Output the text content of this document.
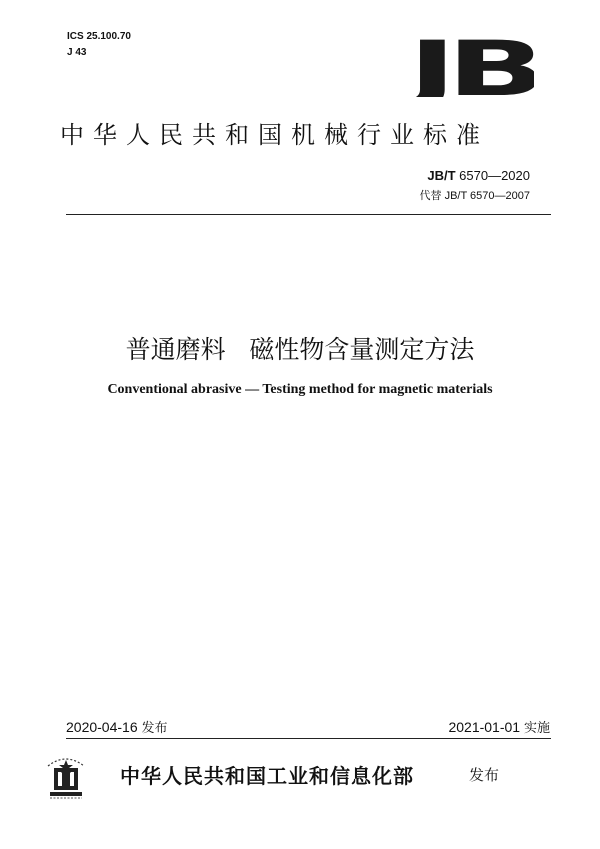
ICS 25.100.70
J 43	JB
中华人民共和国机械行业标准
JB/T 6570—2020
代替 JB/T 6570—2007
普通磨料   磁性物含量测定方法
Conventional abrasive — Testing method for magnetic materials
2020-04-16 发布	2021-01-01 实施
中华人民共和国工业和信息化部	发布
